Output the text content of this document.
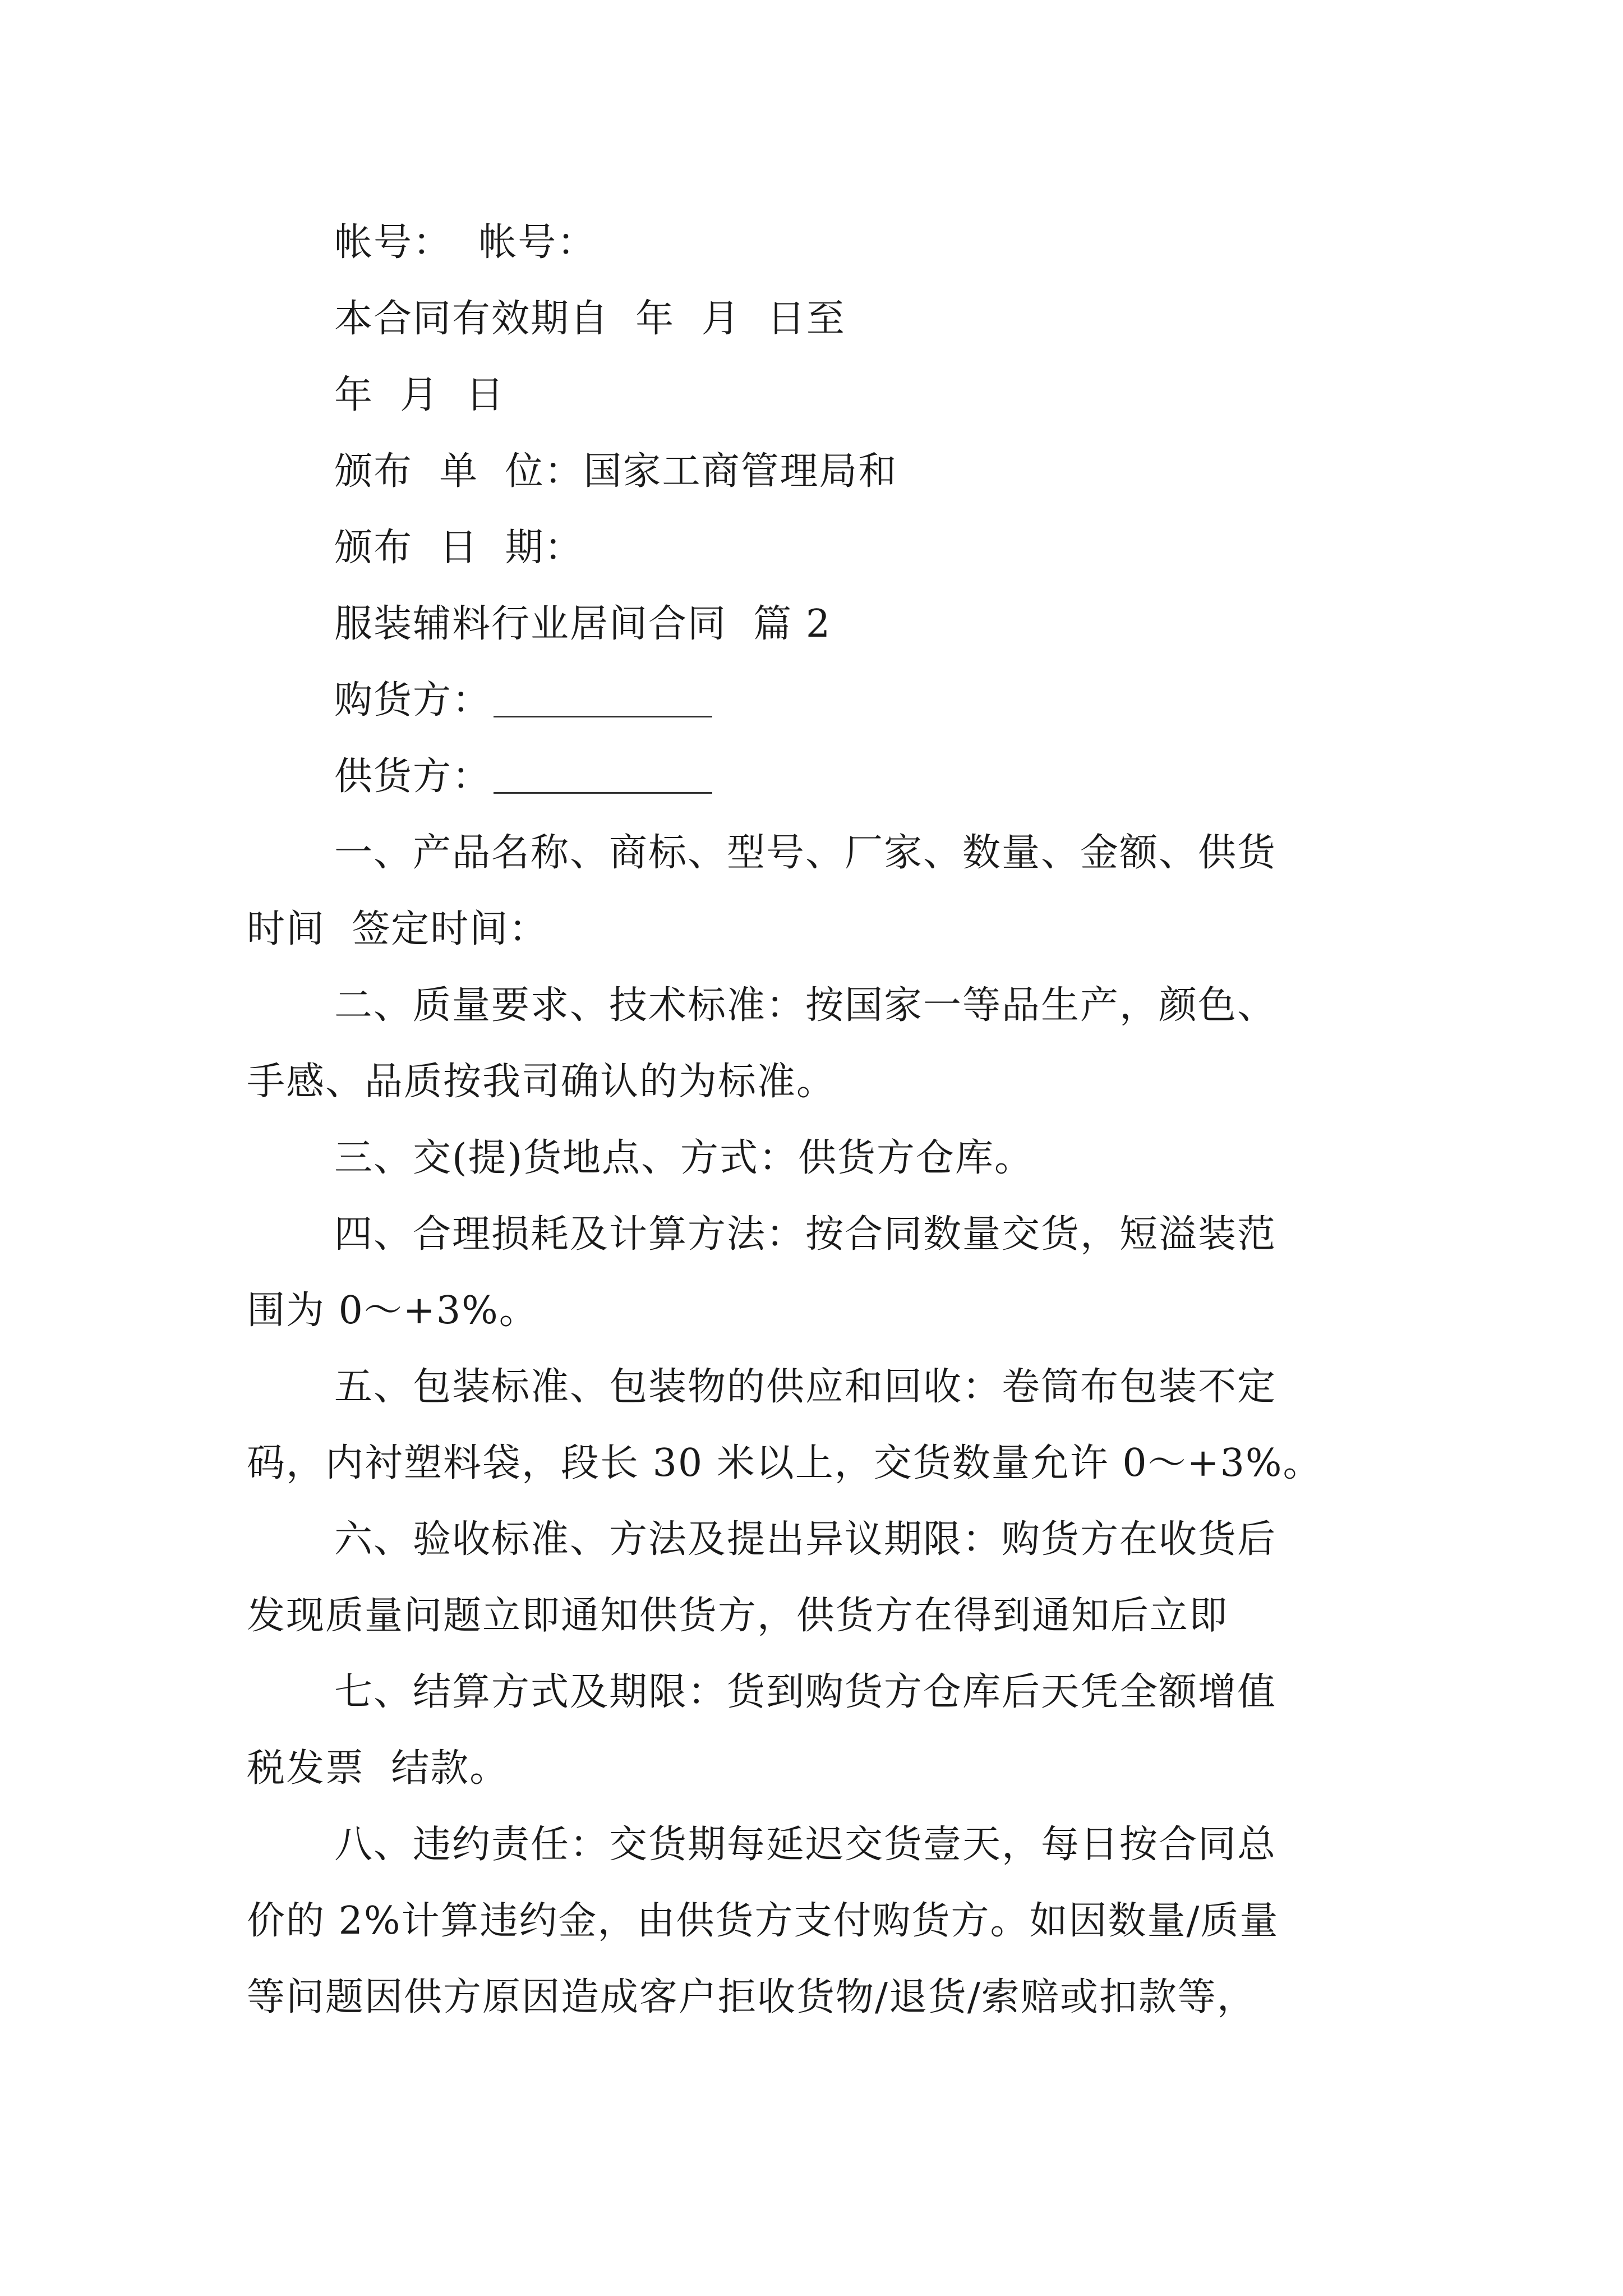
帐号：  帐号：
本合同有效期自  年  月  日至
年  月  日
颁布  单  位：国家工商管理局和
颁布  日  期：
服装辅料行业居间合同  篇 2
购货方：
供货方：
一、产品名称、商标、型号、厂家、数量、金额、供货
时间  签定时间：
二、质量要求、技术标准：按国家一等品生产，颜色、
手感、品质按我司确认的为标准。
三、交(提)货地点、方式：供货方仓库。
四、合理损耗及计算方法：按合同数量交货，短溢装范
围为 0～+3%。
五、包装标准、包装物的供应和回收：卷筒布包装不定
码，内衬塑料袋，段长 30 米以上，交货数量允许 0～+3%。
六、验收标准、方法及提出异议期限：购货方在收货后
发现质量问题立即通知供货方，供货方在得到通知后立即
七、结算方式及期限：货到购货方仓库后天凭全额增值
税发票  结款。
八、违约责任：交货期每延迟交货壹天，每日按合同总
价的 2%计算违约金，由供货方支付购货方。如因数量/质量
等问题因供方原因造成客户拒收货物/退货/索赔或扣款等，
